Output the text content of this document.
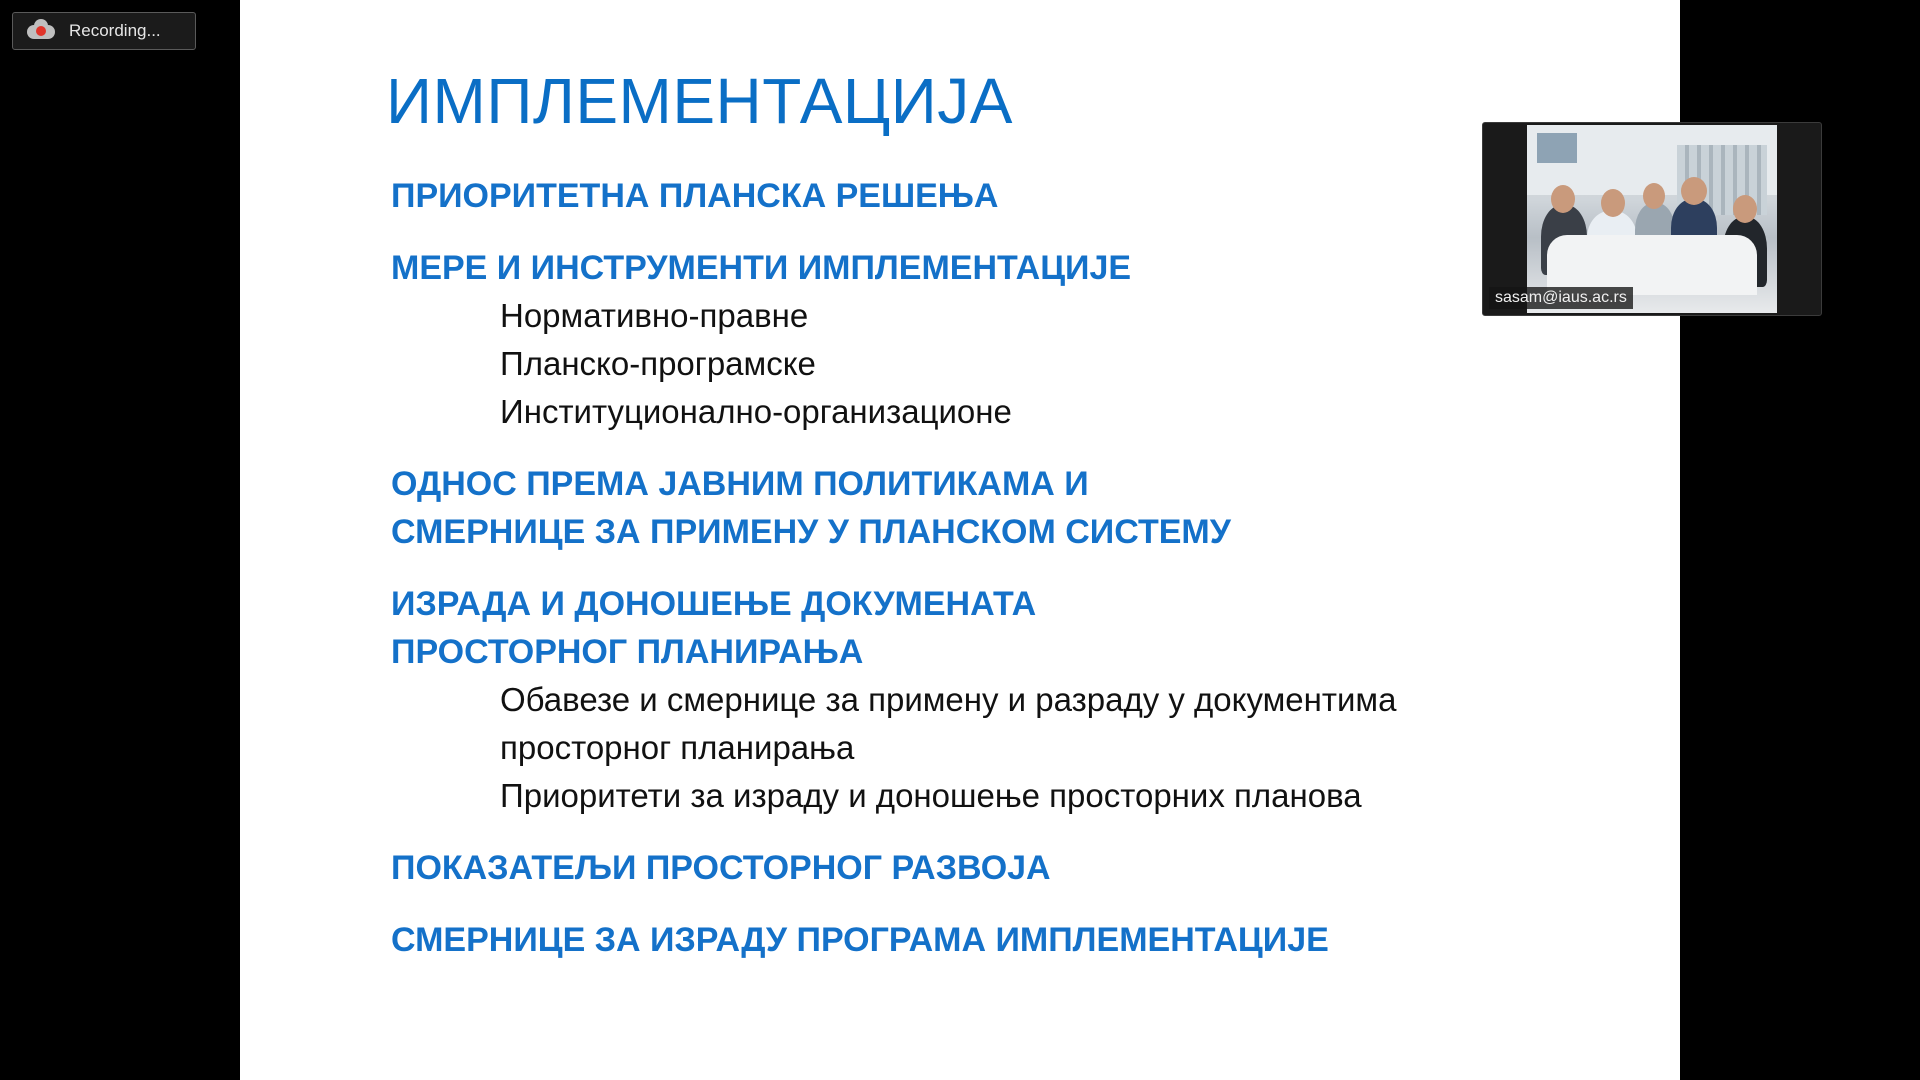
Recording...
ИМПЛЕМЕНТАЦИЈА
ПРИОРИТЕТНА ПЛАНСКА РЕШЕЊА
МЕРЕ И ИНСТРУМЕНТИ ИМПЛЕМЕНТАЦИЈЕ
Нормативно-правне
Планско-програмске
Институционално-организационе
ОДНОС ПРЕМА ЈАВНИМ ПОЛИТИКАМА И
СМЕРНИЦЕ ЗА ПРИМЕНУ У ПЛАНСКОМ СИСТЕМУ
ИЗРАДА И ДОНОШЕЊЕ ДОКУМЕНАТА
ПРОСТОРНОГ ПЛАНИРАЊА
Обавезе и смернице за примену и разраду у документима
просторног планирања
Приоритети за израду и доношење просторних планова
ПОКАЗАТЕЉИ ПРОСТОРНОГ РАЗВОЈА
СМЕРНИЦЕ ЗА ИЗРАДУ ПРОГРАМА ИМПЛЕМЕНТАЦИЈЕ
sasam@iaus.ac.rs
